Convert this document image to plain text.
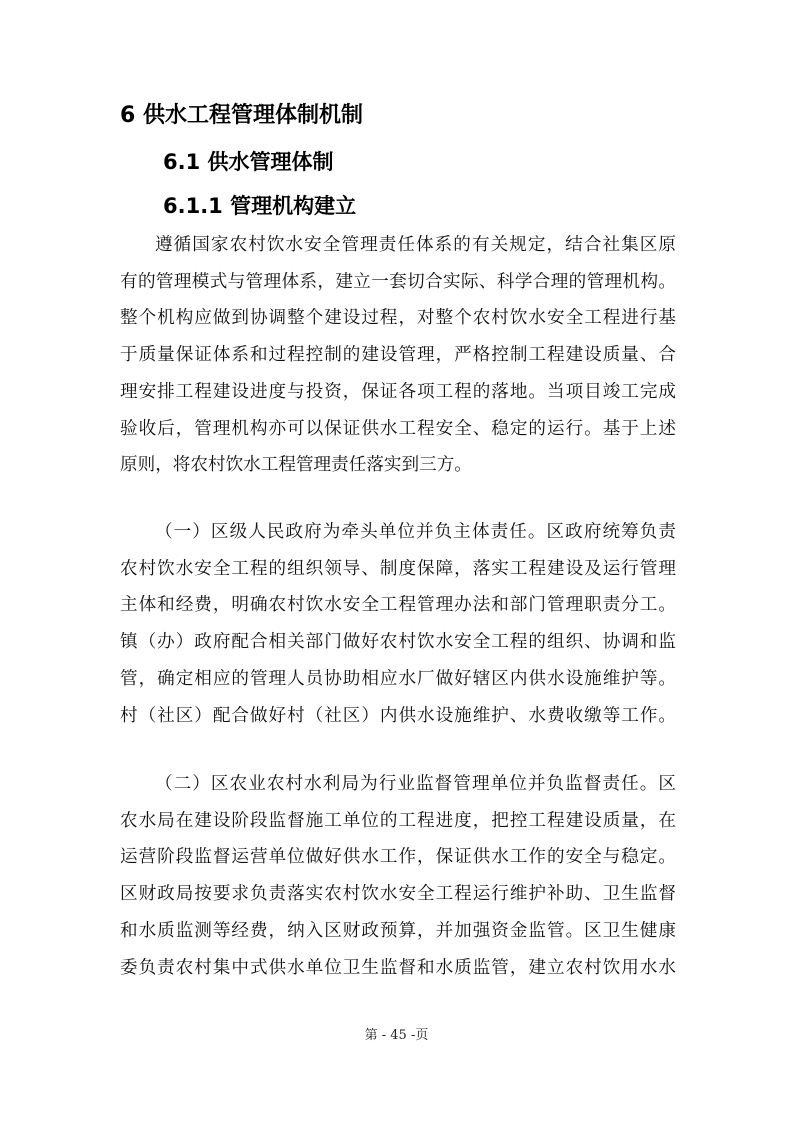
6 供水工程管理体制机制
6.1 供水管理体制
6.1.1 管理机构建立
遵循国家农村饮水安全管理责任体系的有关规定，结合社集区原
有的管理模式与管理体系，建立一套切合实际、科学合理的管理机构。
整个机构应做到协调整个建设过程，对整个农村饮水安全工程进行基
于质量保证体系和过程控制的建设管理，严格控制工程建设质量、合
理安排工程建设进度与投资，保证各项工程的落地。当项目竣工完成
验收后，管理机构亦可以保证供水工程安全、稳定的运行。基于上述
原则，将农村饮水工程管理责任落实到三方。
（一）区级人民政府为牵头单位并负主体责任。区政府统筹负责
农村饮水安全工程的组织领导、制度保障，落实工程建设及运行管理
主体和经费，明确农村饮水安全工程管理办法和部门管理职责分工。
镇（办）政府配合相关部门做好农村饮水安全工程的组织、协调和监
管，确定相应的管理人员协助相应水厂做好辖区内供水设施维护等。
村（社区）配合做好村（社区）内供水设施维护、水费收缴等工作。
（二）区农业农村水利局为行业监督管理单位并负监督责任。区
农水局在建设阶段监督施工单位的工程进度，把控工程建设质量，在
运营阶段监督运营单位做好供水工作，保证供水工作的安全与稳定。
区财政局按要求负责落实农村饮水安全工程运行维护补助、卫生监督
和水质监测等经费，纳入区财政预算，并加强资金监管。区卫生健康
委负责农村集中式供水单位卫生监督和水质监管，建立农村饮用水水
第 - 45 -页
